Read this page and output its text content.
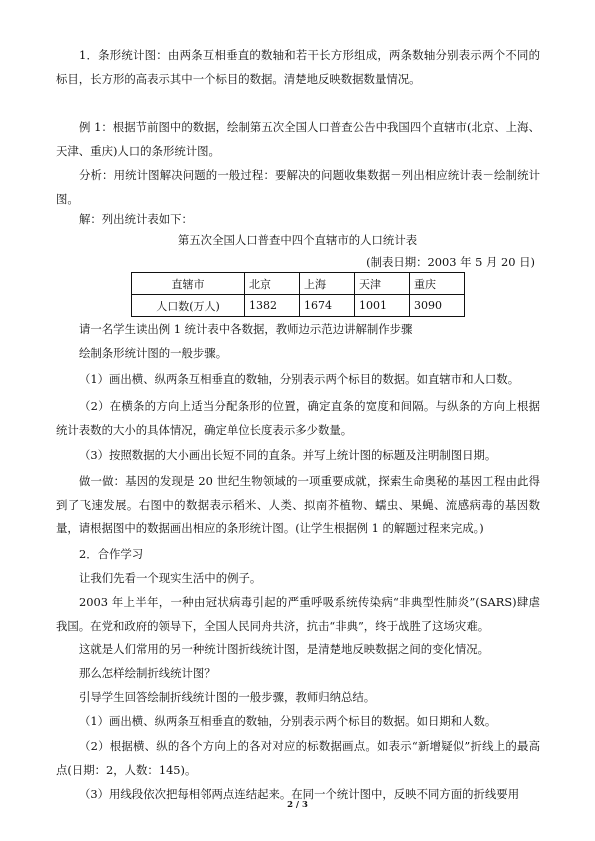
1．条形统计图：由两条互相垂直的数轴和若干长方形组成，两条数轴分别表示两个不同的标目，长方形的高表示其中一个标目的数据。清楚地反映数据数量情况。
例 1：根据节前图中的数据，绘制第五次全国人口普查公告中我国四个直辖市(北京、上海、天津、重庆)人口的条形统计图。
分析：用统计图解决问题的一般过程：要解决的问题收集数据－列出相应统计表－绘制统计图。
解：列出统计表如下：
第五次全国人口普查中四个直辖市的人口统计表
(制表日期：2003 年 5 月 20 日)
直辖市	北京	上海	天津	重庆
人口数(万人)	1382	1674	1001	3090
请一名学生读出例 1 统计表中各数据，教师边示范边讲解制作步骤
绘制条形统计图的一般步骤。
（1）画出横、纵两条互相垂直的数轴，分别表示两个标目的数据。如直辖市和人口数。
（2）在横条的方向上适当分配条形的位置，确定直条的宽度和间隔。与纵条的方向上根据统计表数的大小的具体情况，确定单位长度表示多少数量。
（3）按照数据的大小画出长短不同的直条。并写上统计图的标题及注明制图日期。
做一做：基因的发现是 20 世纪生物领域的一项重要成就，探索生命奥秘的基因工程由此得到了飞速发展。右图中的数据表示稻米、人类、拟南芥植物、蠕虫、果蝇、流感病毒的基因数量，请根据图中的数据画出相应的条形统计图。(让学生根据例 1 的解题过程来完成。)
2．合作学习
让我们先看一个现实生活中的例子。
2003 年上半年，一种由冠状病毒引起的严重呼吸系统传染病“非典型性肺炎”(SARS)肆虐我国。在党和政府的领导下，全国人民同舟共济，抗击“非典”，终于战胜了这场灾难。
这就是人们常用的另一种统计图折线统计图，是清楚地反映数据之间的变化情况。
那么怎样绘制折线统计图？
引导学生回答绘制折线统计图的一般步骤，教师归纳总结。
（1）画出横、纵两条互相垂直的数轴，分别表示两个标目的数据。如日期和人数。
（2）根据横、纵的各个方向上的各对对应的标数据画点。如表示“新增疑似”折线上的最高点(日期：2，人数：145)。
（3）用线段依次把每相邻两点连结起来。在同一个统计图中，反映不同方面的折线要用
2 / 3
